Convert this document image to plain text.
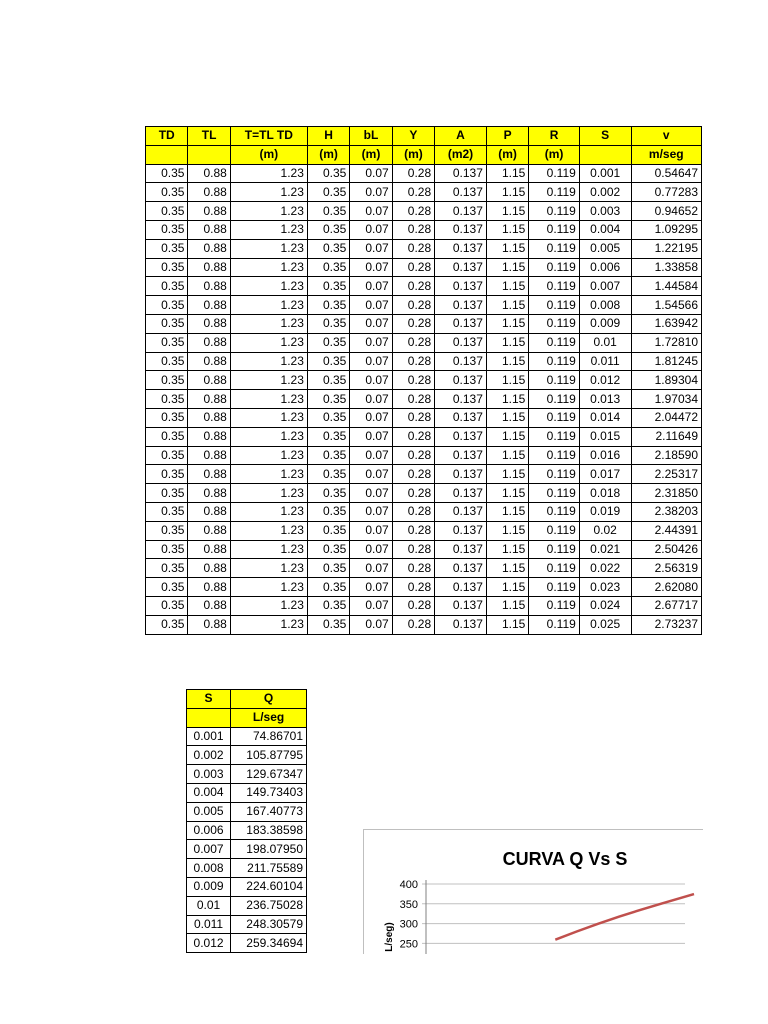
TD	TL	T=TL TD	H	bL	Y	A	P	R	S	v
		(m)	(m)	(m)	(m)	(m2)	(m)	(m)		m/seg
0.35	0.88	1.23	0.35	0.07	0.28	0.137	1.15	0.119	0.001	0.54647
0.35	0.88	1.23	0.35	0.07	0.28	0.137	1.15	0.119	0.002	0.77283
0.35	0.88	1.23	0.35	0.07	0.28	0.137	1.15	0.119	0.003	0.94652
0.35	0.88	1.23	0.35	0.07	0.28	0.137	1.15	0.119	0.004	1.09295
0.35	0.88	1.23	0.35	0.07	0.28	0.137	1.15	0.119	0.005	1.22195
0.35	0.88	1.23	0.35	0.07	0.28	0.137	1.15	0.119	0.006	1.33858
0.35	0.88	1.23	0.35	0.07	0.28	0.137	1.15	0.119	0.007	1.44584
0.35	0.88	1.23	0.35	0.07	0.28	0.137	1.15	0.119	0.008	1.54566
0.35	0.88	1.23	0.35	0.07	0.28	0.137	1.15	0.119	0.009	1.63942
0.35	0.88	1.23	0.35	0.07	0.28	0.137	1.15	0.119	0.01	1.72810
0.35	0.88	1.23	0.35	0.07	0.28	0.137	1.15	0.119	0.011	1.81245
0.35	0.88	1.23	0.35	0.07	0.28	0.137	1.15	0.119	0.012	1.89304
0.35	0.88	1.23	0.35	0.07	0.28	0.137	1.15	0.119	0.013	1.97034
0.35	0.88	1.23	0.35	0.07	0.28	0.137	1.15	0.119	0.014	2.04472
0.35	0.88	1.23	0.35	0.07	0.28	0.137	1.15	0.119	0.015	2.11649
0.35	0.88	1.23	0.35	0.07	0.28	0.137	1.15	0.119	0.016	2.18590
0.35	0.88	1.23	0.35	0.07	0.28	0.137	1.15	0.119	0.017	2.25317
0.35	0.88	1.23	0.35	0.07	0.28	0.137	1.15	0.119	0.018	2.31850
0.35	0.88	1.23	0.35	0.07	0.28	0.137	1.15	0.119	0.019	2.38203
0.35	0.88	1.23	0.35	0.07	0.28	0.137	1.15	0.119	0.02	2.44391
0.35	0.88	1.23	0.35	0.07	0.28	0.137	1.15	0.119	0.021	2.50426
0.35	0.88	1.23	0.35	0.07	0.28	0.137	1.15	0.119	0.022	2.56319
0.35	0.88	1.23	0.35	0.07	0.28	0.137	1.15	0.119	0.023	2.62080
0.35	0.88	1.23	0.35	0.07	0.28	0.137	1.15	0.119	0.024	2.67717
0.35	0.88	1.23	0.35	0.07	0.28	0.137	1.15	0.119	0.025	2.73237
S	Q
	L/seg
0.001	74.86701
0.002	105.87795
0.003	129.67347
0.004	149.73403
0.005	167.40773
0.006	183.38598
0.007	198.07950
0.008	211.75589
0.009	224.60104
0.01	236.75028
0.011	248.30579
0.012	259.34694
CURVA Q Vs S
L/seg)
400
350
300
250
